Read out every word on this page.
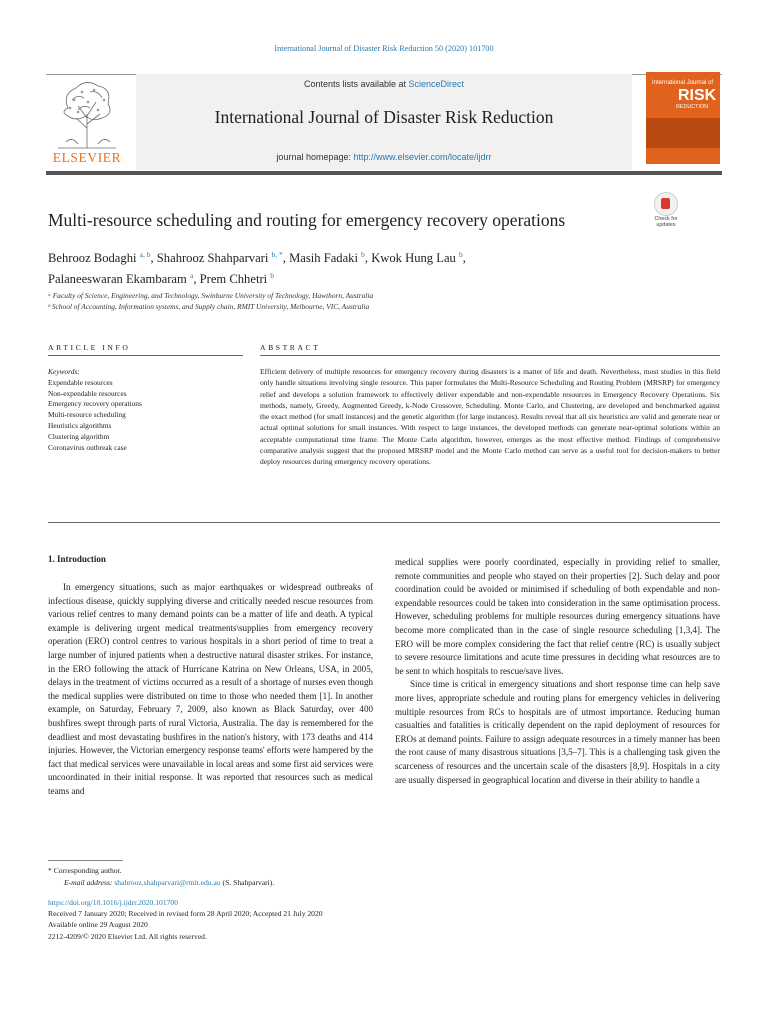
International Journal of Disaster Risk Reduction 50 (2020) 101700
ELSEVIER
Contents lists available at ScienceDirect
International Journal of Disaster Risk Reduction
journal homepage: http://www.elsevier.com/locate/ijdrr
International Journal of
RISK
REDUCTION
Multi-resource scheduling and routing for emergency recovery operations	Check for updates
Behrooz Bodaghi $^{a, b}$, Shahrooz Shahparvari $^{b, *}$, Masih Fadaki $^b$, Kwok Hung Lau $^b$,
Palaneeswaran Ekambaram $^a$, Prem Chhetri $^b$
ᵃ Faculty of Science, Engineering, and Technology, Swinburne University of Technology, Hawthorn, Australia
ᵇ School of Accounting, Information systems, and Supply chain, RMIT University, Melbourne, VIC, Australia
ARTICLE INFO	ABSTRACT
Keywords:
Expendable resources
Non-expendable resources
Emergency recovery operations
Multi-resource scheduling
Heuristics algorithms
Clustering algorithm
Coronavirus outbreak case
Efficient delivery of multiple resources for emergency recovery during disasters is a matter of life and death. Nevertheless, most studies in this field only handle situations involving single resource. This paper formulates the Multi-Resource Scheduling and Routing Problem (MRSRP) for emergency relief and develops a solution framework to effectively deliver expendable and non-expendable resources in Emergency Recovery Operations. Six methods, namely, Greedy, Augmented Greedy, k-Node Crossover, Scheduling. Monte Carlo, and Clustering, are developed and benchmarked against the exact method (for small instances) and the genetic algorithm (for large instances). Results reveal that all six heuristics are valid and generate near or actual optimal solutions for small instances. With respect to large instances, the developed methods can generate near-optimal solutions within an acceptable computational time frame. The Monte Carlo algorithm, however, emerges as the most effective method. Findings of comprehensive comparative analysis suggest that the proposed MRSRP model and the Monte Carlo method can serve as a useful tool for decision-makers to better deploy resources during emergency recovery operations.
1. Introduction
In emergency situations, such as major earthquakes or widespread outbreaks of infectious disease, quickly supplying diverse and critically needed rescue resources from various relief centres to many demand points can be a matter of life and death. A typical example is delivering urgent medical treatments\supplies from emergency recovery operation (ERO) control centres to various hospitals in a short period of time to treat a large number of injured patients when a destructive natural disaster strikes. For instance, in the ERO following the attack of Hurricane Katrina on New Orleans, USA, in 2005, delays in the treatment of victims occurred as a result of a shortage of nurses even though the medical supplies were distributed on time to those who needed them [1]. In another example, on Saturday, February 7, 2009, also known as Black Saturday, over 400 bushfires swept through parts of rural Victoria, Australia. The day is remembered for the deadliest and most devastating bushfires in the nation's history, with 173 deaths and 414 injuries. However, the Victorian emergency response teams' efforts were hampered by the fact that medical services were unavailable in local areas and some first aid services were uncoordinated in their initial response. It was reported that resources such as medical teams and

medical supplies were poorly coordinated, especially in providing relief to smaller, remote communities and people who stayed on their properties [2]. Such delay and poor coordination could be avoided or minimised if scheduling of both expendable and non-expendable resources could be taken into consideration in the same optimisation process. However, scheduling problems for multiple resources during emergency situations have become more complicated than in the case of single resource scheduling [1,3,4]. The ERO will be more complex considering the fact that relief centre (RC) is usually subject to severe resource limitations and acute time pressures in deciding what resources are to be sent to which hospitals to rescue/save lives.

Since time is critical in emergency situations and short response time can help save more lives, appropriate schedule and routing plans for emergency vehicles in delivering multiple resources from RCs to hospitals are of utmost importance. Reducing human casualties and fatalities is critically dependent on the rapid deployment of resources for EROs at demand points. Failure to assign adequate resources in a timely manner has been the root cause of many disastrous situations [3,5–7]. This is a challenging task given the scarceness of resources and the uncertain scale of the disasters [8,9]. Hospitals in a city are usually dispersed in geographical location and diverse in their ability to handle a

* Corresponding author.
E-mail address: shahrooz.shahparvari@rmit.edu.au (S. Shahparvari).
https://doi.org/10.1016/j.ijdrr.2020.101700
Received 7 January 2020; Received in revised form 28 April 2020; Accepted 21 July 2020
Available online 29 August 2020
2212-4209/© 2020 Elsevier Ltd. All rights reserved.
